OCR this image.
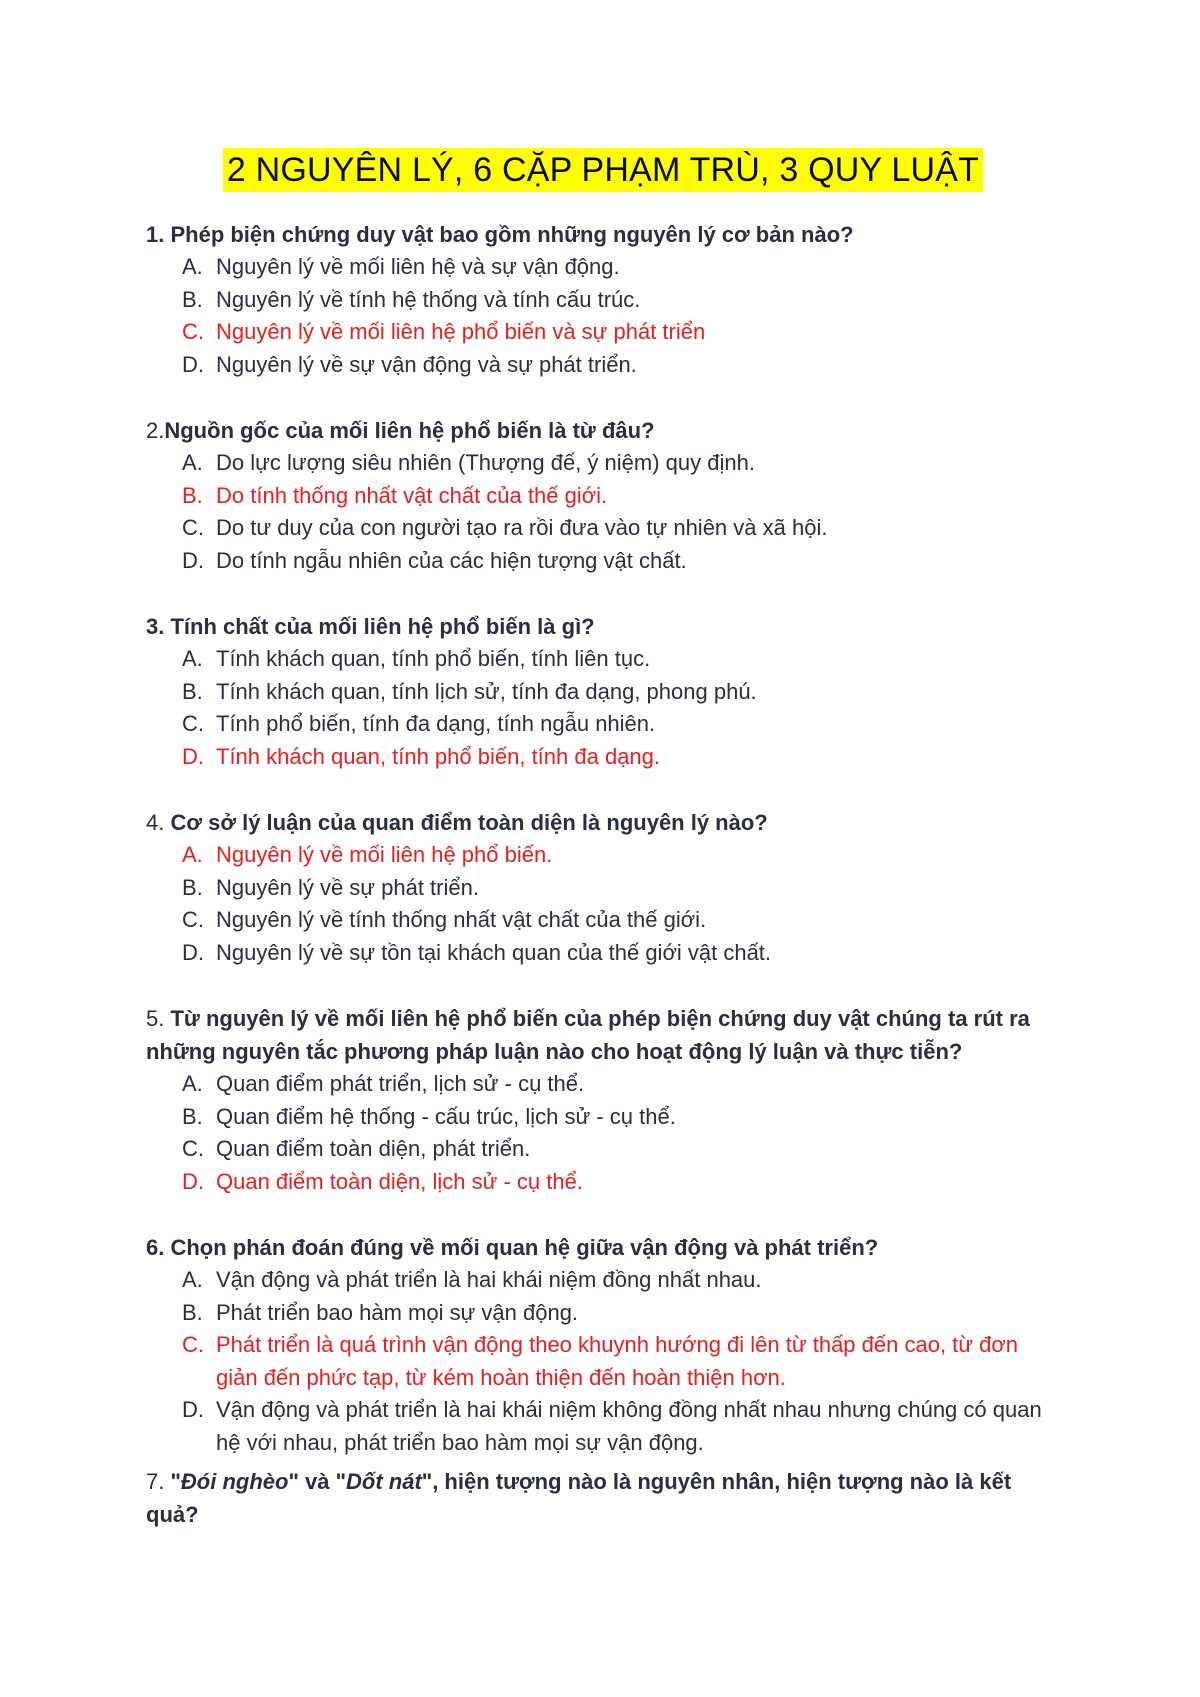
2 NGUYÊN LÝ, 6 CẶP PHẠM TRÙ, 3 QUY LUẬT

1. Phép biện chứng duy vật bao gồm những nguyên lý cơ bản nào?

A. Nguyên lý về mối liên hệ và sự vận động.
B. Nguyên lý về tính hệ thống và tính cấu trúc.
C. Nguyên lý về mối liên hệ phổ biến và sự phát triển
D. Nguyên lý về sự vận động và sự phát triển.

2.Nguồn gốc của mối liên hệ phổ biến là từ đâu?

A. Do lực lượng siêu nhiên (Thượng đế, ý niệm) quy định.
B. Do tính thống nhất vật chất của thế giới.
C. Do tư duy của con người tạo ra rồi đưa vào tự nhiên và xã hội.
D. Do tính ngẫu nhiên của các hiện tượng vật chất.

3. Tính chất của mối liên hệ phổ biến là gì?

A. Tính khách quan, tính phổ biến, tính liên tục.
B. Tính khách quan, tính lịch sử, tính đa dạng, phong phú.
C. Tính phổ biến, tính đa dạng, tính ngẫu nhiên.
D. Tính khách quan, tính phổ biến, tính đa dạng.

4. Cơ sở lý luận của quan điểm toàn diện là nguyên lý nào?

A. Nguyên lý về mối liên hệ phổ biến.
B. Nguyên lý về sự phát triển.
C. Nguyên lý về tính thống nhất vật chất của thế giới.
D. Nguyên lý về sự tồn tại khách quan của thế giới vật chất.

5. Từ nguyên lý về mối liên hệ phổ biến của phép biện chứng duy vật chúng ta rút ra những nguyên tắc phương pháp luận nào cho hoạt động lý luận và thực tiễn?

A. Quan điểm phát triển, lịch sử - cụ thể.
B. Quan điểm hệ thống - cấu trúc, lịch sử - cụ thể.
C. Quan điểm toàn diện, phát triển.
D. Quan điểm toàn diện, lịch sử - cụ thể.

6. Chọn phán đoán đúng về mối quan hệ giữa vận động và phát triển?

A. Vận động và phát triển là hai khái niệm đồng nhất nhau.
B. Phát triển bao hàm mọi sự vận động.
C. Phát triển là quá trình vận động theo khuynh hướng đi lên từ thấp đến cao, từ đơn giản đến phức tạp, từ kém hoàn thiện đến hoàn thiện hơn.
D. Vận động và phát triển là hai khái niệm không đồng nhất nhau nhưng chúng có quan hệ với nhau, phát triển bao hàm mọi sự vận động.

7. "Đói nghèo" và "Dốt nát", hiện tượng nào là nguyên nhân, hiện tượng nào là kết quả?
